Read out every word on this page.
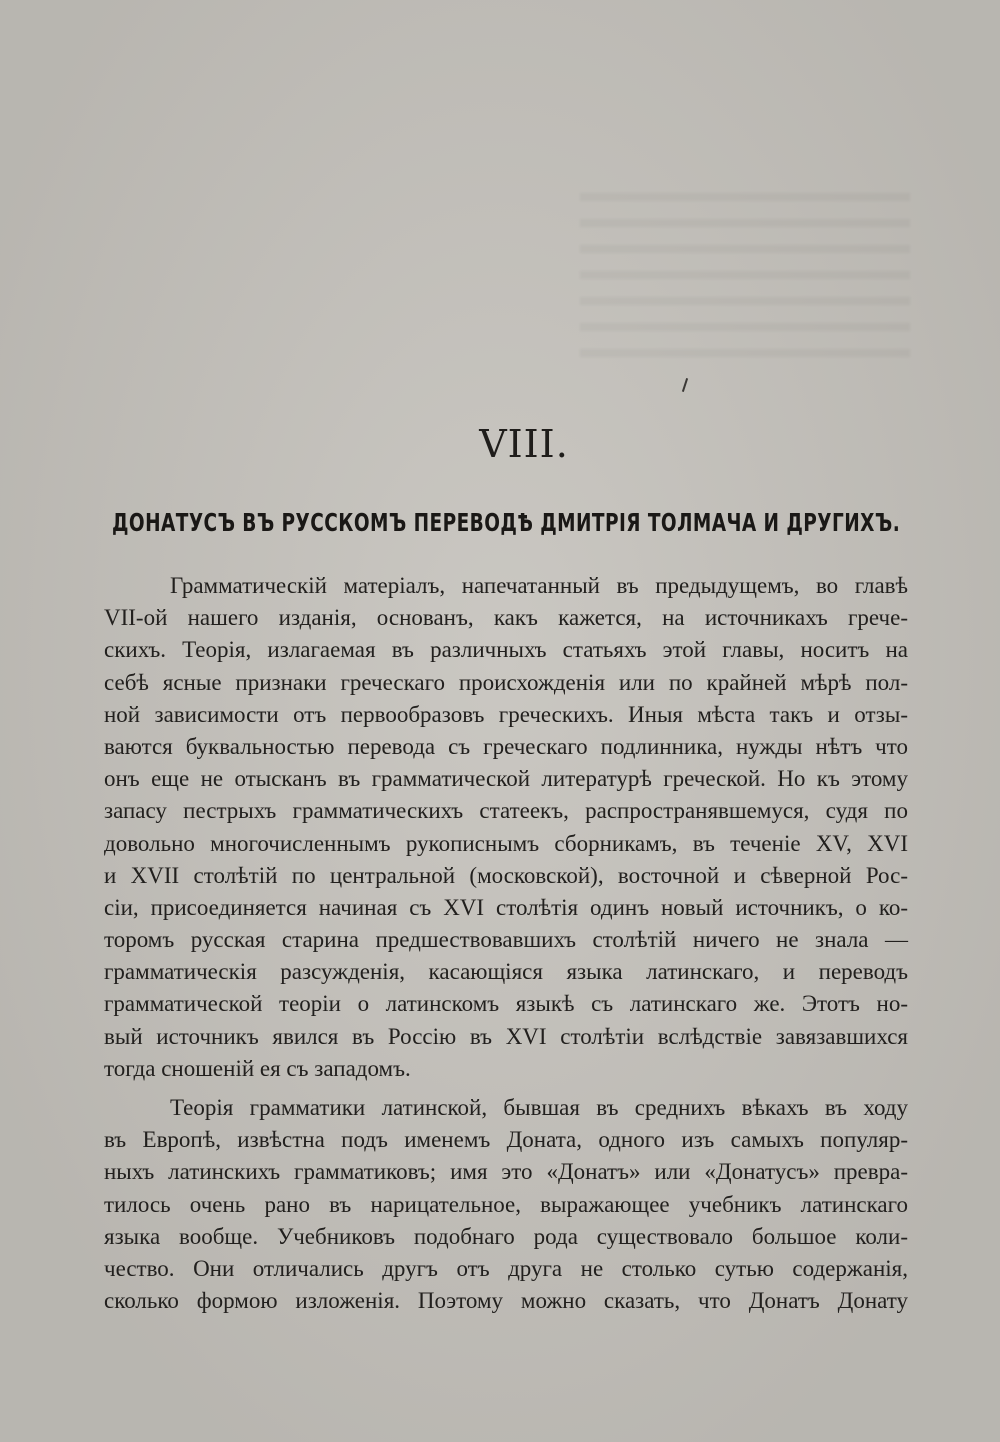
VIII.
ДОНАТУСЪ ВЪ РУССКОМЪ ПЕРЕВОДѢ ДМИТРІЯ ТОЛМАЧА И ДРУГИХЪ.
Грамматическій матеріалъ, напечатанный въ предыдущемъ, во главѣ
VII-ой нашего изданія, основанъ, какъ кажется, на источникахъ грече-
скихъ. Теорія, излагаемая въ различныхъ статьяхъ этой главы, носитъ на
себѣ ясные признаки греческаго происхожденія или по крайней мѣрѣ пол-
ной зависимости отъ первообразовъ греческихъ. Иныя мѣста такъ и отзы-
ваются буквальностью перевода съ греческаго подлинника, нужды нѣтъ что
онъ еще не отысканъ въ грамматической литературѣ греческой. Но къ этому
запасу пестрыхъ грамматическихъ статеекъ, распространявшемуся, судя по
довольно многочисленнымъ рукописнымъ сборникамъ, въ теченіе XV, XVI
и XVII столѣтій по центральной (московской), восточной и сѣверной Рос-
сіи, присоединяется начиная съ XVI столѣтія одинъ новый источникъ, о ко-
торомъ русская старина предшествовавшихъ столѣтій ничего не знала —
грамматическія разсужденія, касающіяся языка латинскаго, и переводъ
грамматической теоріи о латинскомъ языкѣ съ латинскаго же. Этотъ но-
вый источникъ явился въ Россію въ XVI столѣтіи вслѣдствіе завязавшихся
тогда сношеній ея съ западомъ.
Теорія грамматики латинской, бывшая въ среднихъ вѣкахъ въ ходу
въ Европѣ, извѣстна подъ именемъ Доната, одного изъ самыхъ популяр-
ныхъ латинскихъ грамматиковъ; имя это «Донатъ» или «Донатусъ» превра-
тилось очень рано въ нарицательное, выражающее учебникъ латинскаго
языка вообще. Учебниковъ подобнаго рода существовало большое коли-
чество. Они отличались другъ отъ друга не столько сутью содержанія,
сколько формою изложенія. Поэтому можно сказать, что Донатъ Донату
